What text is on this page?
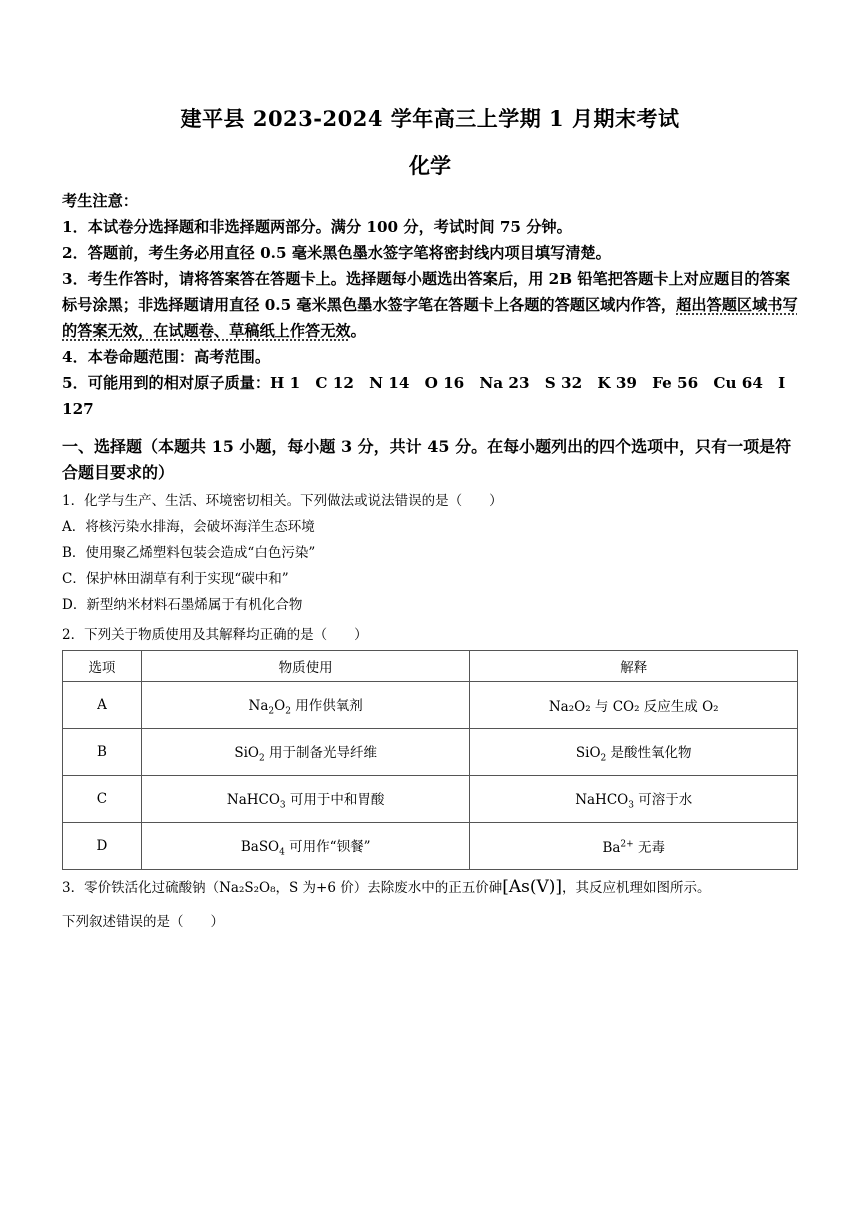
建平县 2023-2024 学年高三上学期 1 月期末考试
化学

考生注意：

1．本试卷分选择题和非选择题两部分。满分 100 分，考试时间 75 分钟。

2．答题前，考生务必用直径 0.5 毫米黑色墨水签字笔将密封线内项目填写清楚。

3．考生作答时，请将答案答在答题卡上。选择题每小题选出答案后，用 2B 铅笔把答题卡上对应题目的答案标号涂黑；非选择题请用直径 0.5 毫米黑色墨水签字笔在答题卡上各题的答题区域内作答，超出答题区域书写的答案无效，在试题卷、草稿纸上作答无效。

4．本卷命题范围：高考范围。

5．可能用到的相对原子质量：H 1　C 12　N 14　O 16　Na 23　S 32　K 39　Fe 56　Cu 64　I 127

一、选择题（本题共 15 小题，每小题 3 分，共计 45 分。在每小题列出的四个选项中，只有一项是符合题目要求的）

1．化学与生产、生活、环境密切相关。下列做法或说法错误的是（　　）

A．将核污染水排海，会破坏海洋生态环境

B．使用聚乙烯塑料包装会造成“白色污染”

C．保护林田湖草有利于实现“碳中和”

D．新型纳米材料石墨烯属于有机化合物

2．下列关于物质使用及其解释均正确的是（　　）

选项	物质使用	解释
A	$Na_2O_2$ 用作供氧剂	Na₂O₂ 与 CO₂ 反应生成 O₂
B	SiO$_2$ 用于制备光导纤维	SiO$_2$ 是酸性氧化物
C	NaHCO$_3$ 可用于中和胃酸	NaHCO$_3$ 可溶于水
D	BaSO$_4$ 可用作“钡餐”	$Ba^{2+}$ 无毒

3．零价铁活化过硫酸钠（Na₂S₂O₈，S 为+6 价）去除废水中的正五价砷[As(V)]，其反应机理如图所示。

下列叙述错误的是（　　）
